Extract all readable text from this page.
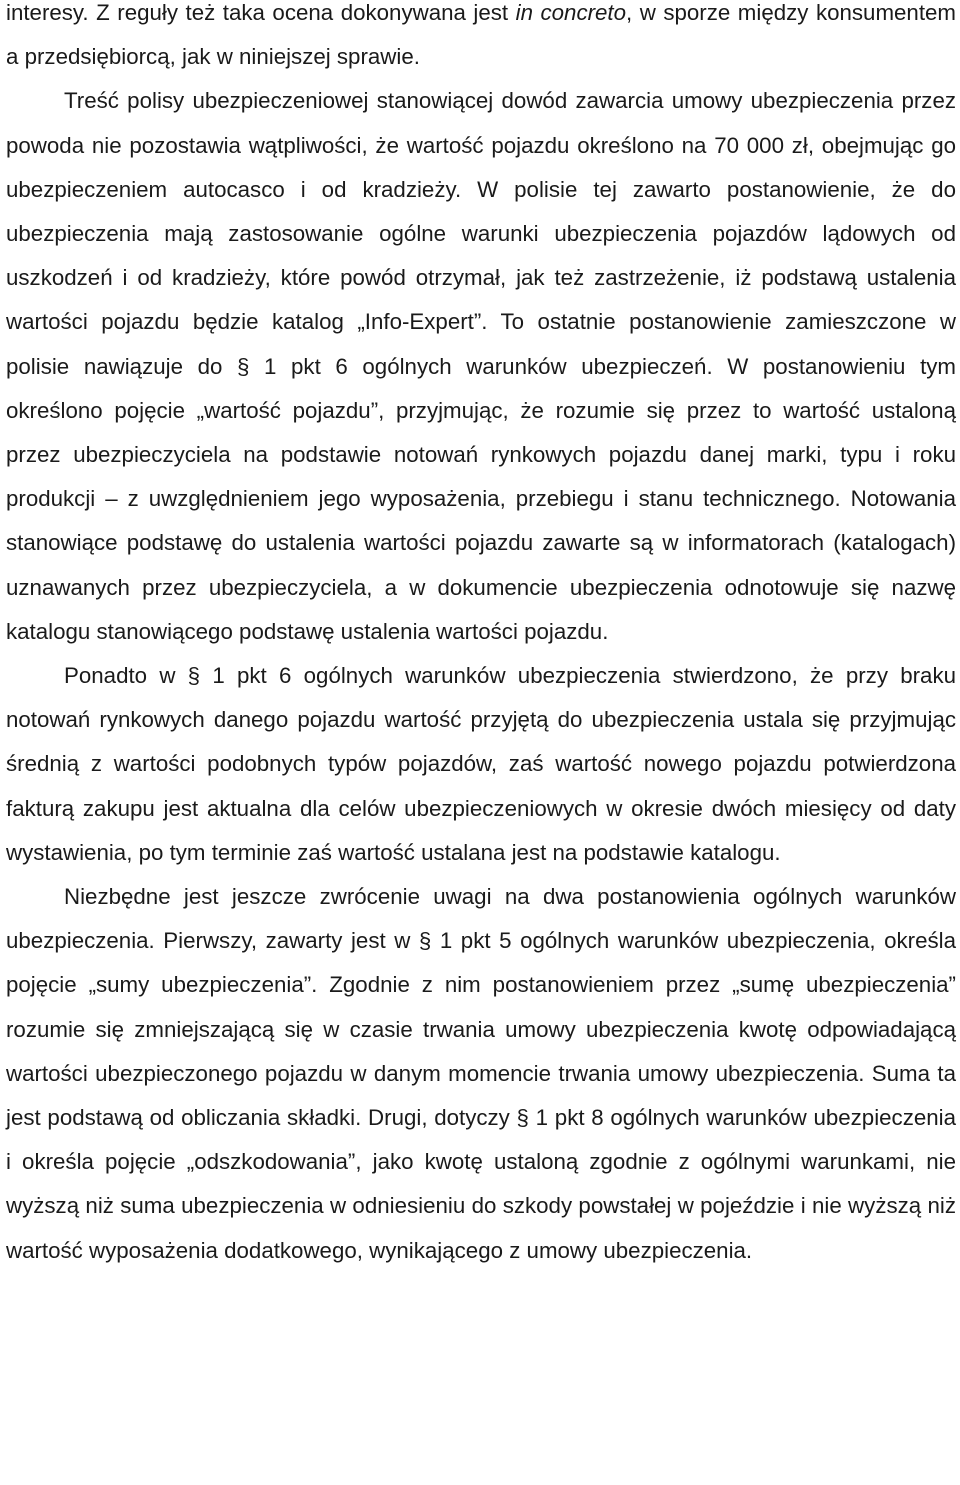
interesy. Z reguły też taka ocena dokonywana jest in concreto, w sporze między konsumentem a przedsiębiorcą, jak w niniejszej sprawie.

Treść polisy ubezpieczeniowej stanowiącej dowód zawarcia umowy ubezpieczenia przez powoda nie pozostawia wątpliwości, że wartość pojazdu określono na 70 000 zł, obejmując go ubezpieczeniem autocasco i od kradzieży. W polisie tej zawarto postanowienie, że do ubezpieczenia mają zastosowanie ogólne warunki ubezpieczenia pojazdów lądowych od uszkodzeń i od kradzieży, które powód otrzymał, jak też zastrzeżenie, iż podstawą ustalenia wartości pojazdu będzie katalog „Info-Expert”. To ostatnie postanowienie zamieszczone w polisie nawiązuje do § 1 pkt 6 ogólnych warunków ubezpieczeń. W postanowieniu tym określono pojęcie „wartość pojazdu”, przyjmując, że rozumie się przez to wartość ustaloną przez ubezpieczyciela na podstawie notowań rynkowych pojazdu danej marki, typu i roku produkcji – z uwzględnieniem jego wyposażenia, przebiegu i stanu technicznego. Notowania stanowiące podstawę do ustalenia wartości pojazdu zawarte są w informatorach (katalogach) uznawanych przez ubezpieczyciela, a w dokumencie ubezpieczenia odnotowuje się nazwę katalogu stanowiącego podstawę ustalenia wartości pojazdu.

Ponadto w § 1 pkt 6 ogólnych warunków ubezpieczenia stwierdzono, że przy braku notowań rynkowych danego pojazdu wartość przyjętą do ubezpieczenia ustala się przyjmując średnią z wartości podobnych typów pojazdów, zaś wartość nowego pojazdu potwierdzona fakturą zakupu jest aktualna dla celów ubezpieczeniowych w okresie dwóch miesięcy od daty wystawienia, po tym terminie zaś wartość ustalana jest na podstawie katalogu.

Niezbędne jest jeszcze zwrócenie uwagi na dwa postanowienia ogólnych warunków ubezpieczenia. Pierwszy, zawarty jest w § 1 pkt 5 ogólnych warunków ubezpieczenia, określa pojęcie „sumy ubezpieczenia”. Zgodnie z nim postanowieniem przez „sumę ubezpieczenia” rozumie się zmniejszającą się w czasie trwania umowy ubezpieczenia kwotę odpowiadającą wartości ubezpieczonego pojazdu w danym momencie trwania umowy ubezpieczenia. Suma ta jest podstawą od obliczania składki. Drugi, dotyczy § 1 pkt 8 ogólnych warunków ubezpieczenia i określa pojęcie „odszkodowania”, jako kwotę ustaloną zgodnie z ogólnymi warunkami, nie wyższą niż suma ubezpieczenia w odniesieniu do szkody powstałej w pojeździe i nie wyższą niż wartość wyposażenia dodatkowego, wynikającego z umowy ubezpieczenia.
